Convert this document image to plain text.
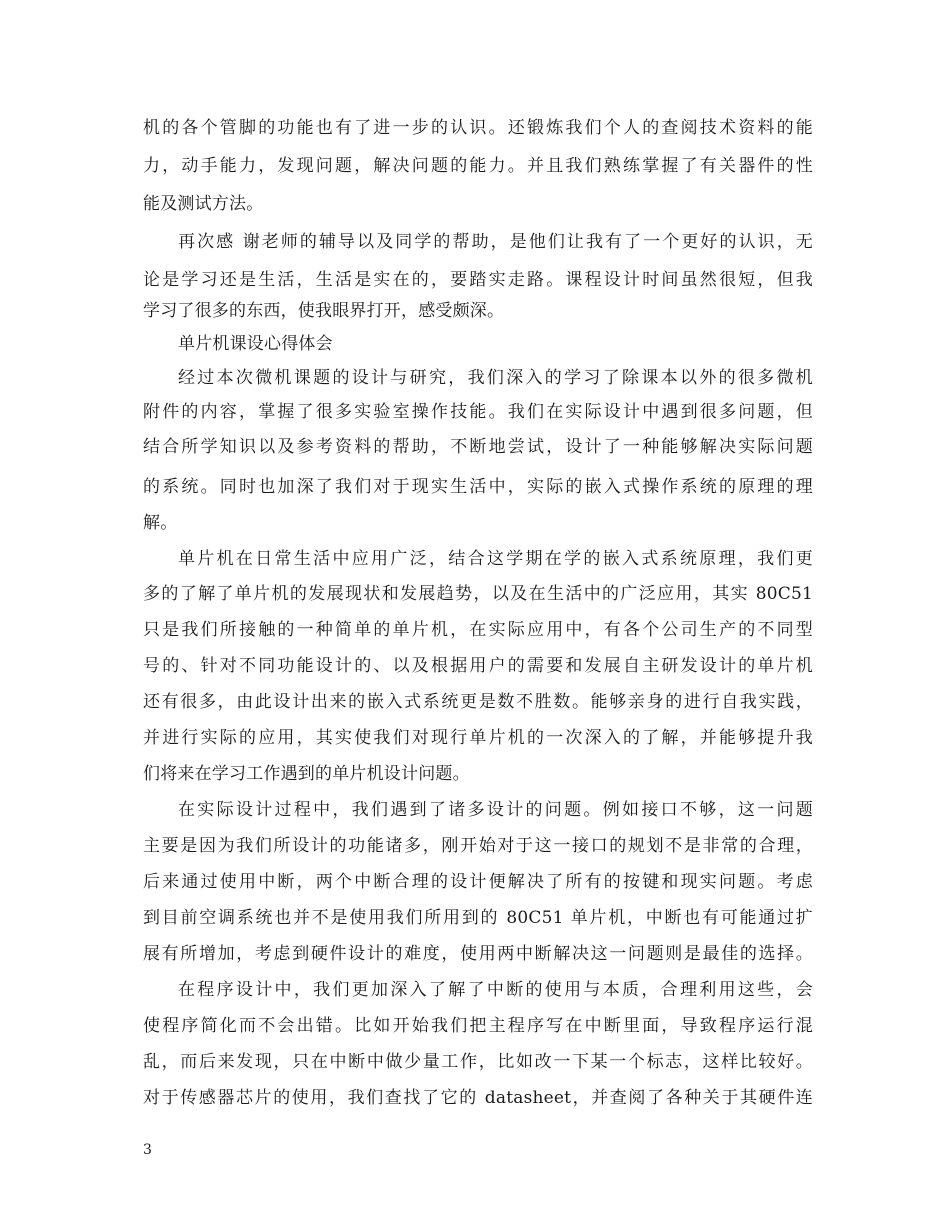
机的各个管脚的功能也有了进一步的认识。还锻炼我们个人的查阅技术资料的能
力，动手能力，发现问题，解决问题的能力。并且我们熟练掌握了有关器件的性
能及测试方法。
再次感 谢老师的辅导以及同学的帮助，是他们让我有了一个更好的认识，无
论是学习还是生活，生活是实在的，要踏实走路。课程设计时间虽然很短，但我
学习了很多的东西，使我眼界打开，感受颇深。
单片机课设心得体会
经过本次微机课题的设计与研究，我们深入的学习了除课本以外的很多微机
附件的内容，掌握了很多实验室操作技能。我们在实际设计中遇到很多问题，但
结合所学知识以及参考资料的帮助，不断地尝试，设计了一种能够解决实际问题
的系统。同时也加深了我们对于现实生活中，实际的嵌入式操作系统的原理的理
解。
单片机在日常生活中应用广泛，结合这学期在学的嵌入式系统原理，我们更
多的了解了单片机的发展现状和发展趋势，以及在生活中的广泛应用，其实 80C51
只是我们所接触的一种简单的单片机，在实际应用中，有各个公司生产的不同型
号的、针对不同功能设计的、以及根据用户的需要和发展自主研发设计的单片机
还有很多，由此设计出来的嵌入式系统更是数不胜数。能够亲身的进行自我实践，
并进行实际的应用，其实使我们对现行单片机的一次深入的了解，并能够提升我
们将来在学习工作遇到的单片机设计问题。
在实际设计过程中，我们遇到了诸多设计的问题。例如接口不够，这一问题
主要是因为我们所设计的功能诸多，刚开始对于这一接口的规划不是非常的合理，
后来通过使用中断，两个中断合理的设计便解决了所有的按键和现实问题。考虑
到目前空调系统也并不是使用我们所用到的 80C51 单片机，中断也有可能通过扩
展有所增加，考虑到硬件设计的难度，使用两中断解决这一问题则是最佳的选择。
在程序设计中，我们更加深入了解了中断的使用与本质，合理利用这些，会
使程序简化而不会出错。比如开始我们把主程序写在中断里面，导致程序运行混
乱，而后来发现，只在中断中做少量工作，比如改一下某一个标志，这样比较好。
对于传感器芯片的使用，我们查找了它的 datasheet，并查阅了各种关于其硬件连
3
